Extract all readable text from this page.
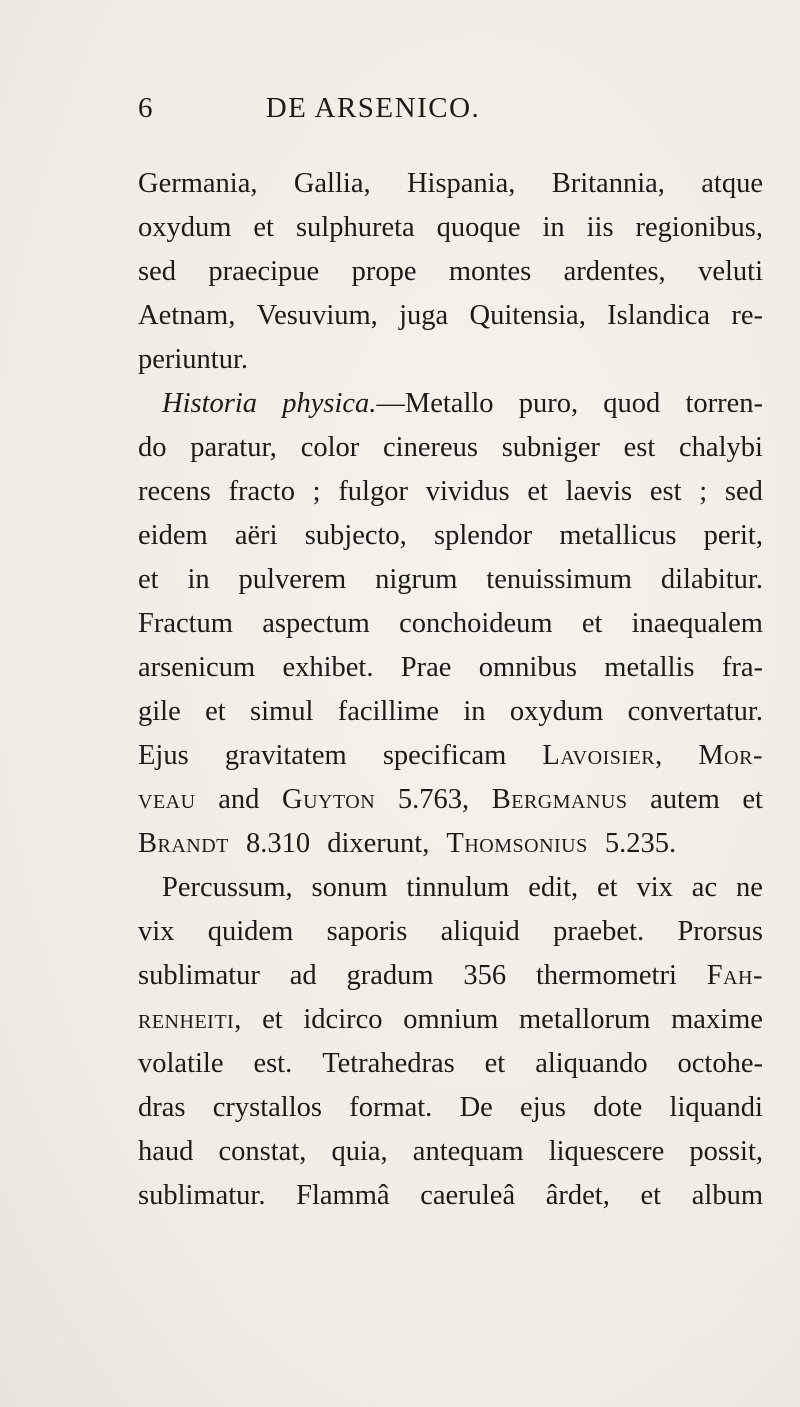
6	DE ARSENICO.
Germania, Gallia, Hispania, Britannia, atque
oxydum et sulphureta quoque in iis regionibus,
sed praecipue prope montes ardentes, veluti
Aetnam, Vesuvium, juga Quitensia, Islandica re-
periuntur.
Historia physica.—Metallo puro, quod torren-
do paratur, color cinereus subniger est chalybi
recens fracto ; fulgor vividus et laevis est ; sed
eidem aëri subjecto, splendor metallicus perit,
et in pulverem nigrum tenuissimum dilabitur.
Fractum aspectum conchoideum et inaequalem
arsenicum exhibet. Prae omnibus metallis fra-
gile et simul facillime in oxydum convertatur.
Ejus gravitatem specificam Lavoisier, Mor-
veau and Guyton 5.763, Bergmanus autem et
Brandt 8.310 dixerunt, Thomsonius 5.235.
Percussum, sonum tinnulum edit, et vix ac ne
vix quidem saporis aliquid praebet. Prorsus
sublimatur ad gradum 356 thermometri Fah-
renheiti, et idcirco omnium metallorum maxime
volatile est. Tetrahedras et aliquando octohe-
dras crystallos format. De ejus dote liquandi
haud constat, quia, antequam liquescere possit,
sublimatur. Flammâ caeruleâ ârdet, et album
